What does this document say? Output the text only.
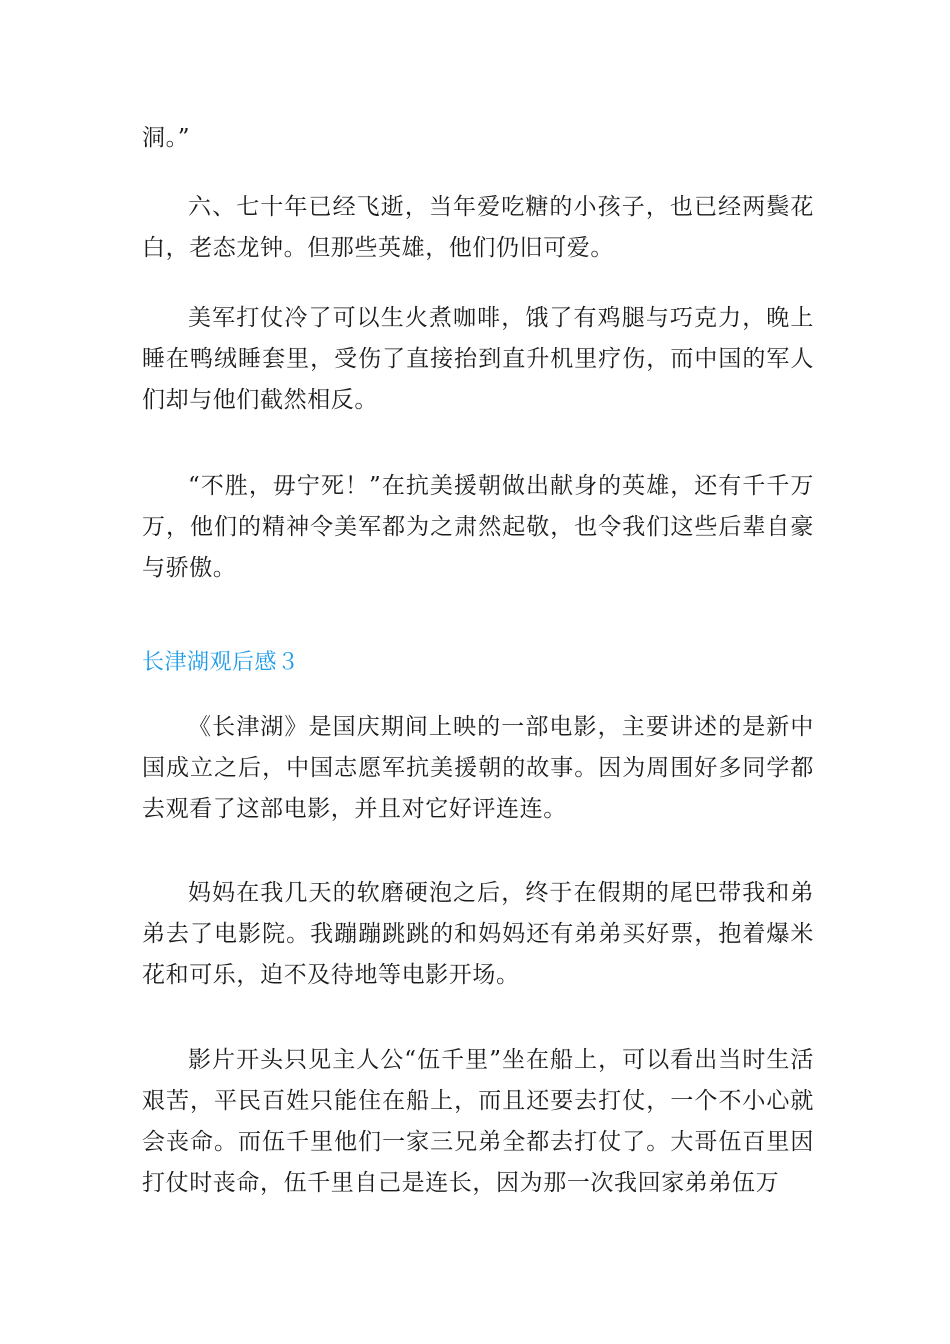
洞。”

六、七十年已经飞逝，当年爱吃糖的小孩子，也已经两鬓花白，老态龙钟。但那些英雄，他们仍旧可爱。

美军打仗冷了可以生火煮咖啡，饿了有鸡腿与巧克力，晚上睡在鸭绒睡套里，受伤了直接抬到直升机里疗伤，而中国的军人们却与他们截然相反。

“不胜，毋宁死！”在抗美援朝做出献身的英雄，还有千千万万，他们的精神令美军都为之肃然起敬，也令我们这些后辈自豪与骄傲。

长津湖观后感３

《长津湖》是国庆期间上映的一部电影，主要讲述的是新中国成立之后，中国志愿军抗美援朝的故事。因为周围好多同学都去观看了这部电影，并且对它好评连连。

妈妈在我几天的软磨硬泡之后，终于在假期的尾巴带我和弟弟去了电影院。我蹦蹦跳跳的和妈妈还有弟弟买好票，抱着爆米花和可乐，迫不及待地等电影开场。

影片开头只见主人公“伍千里”坐在船上，可以看出当时生活艰苦，平民百姓只能住在船上，而且还要去打仗，一个不小心就会丧命。而伍千里他们一家三兄弟全都去打仗了。大哥伍百里因打仗时丧命，伍千里自己是连长，因为那一次我回家弟弟伍万
